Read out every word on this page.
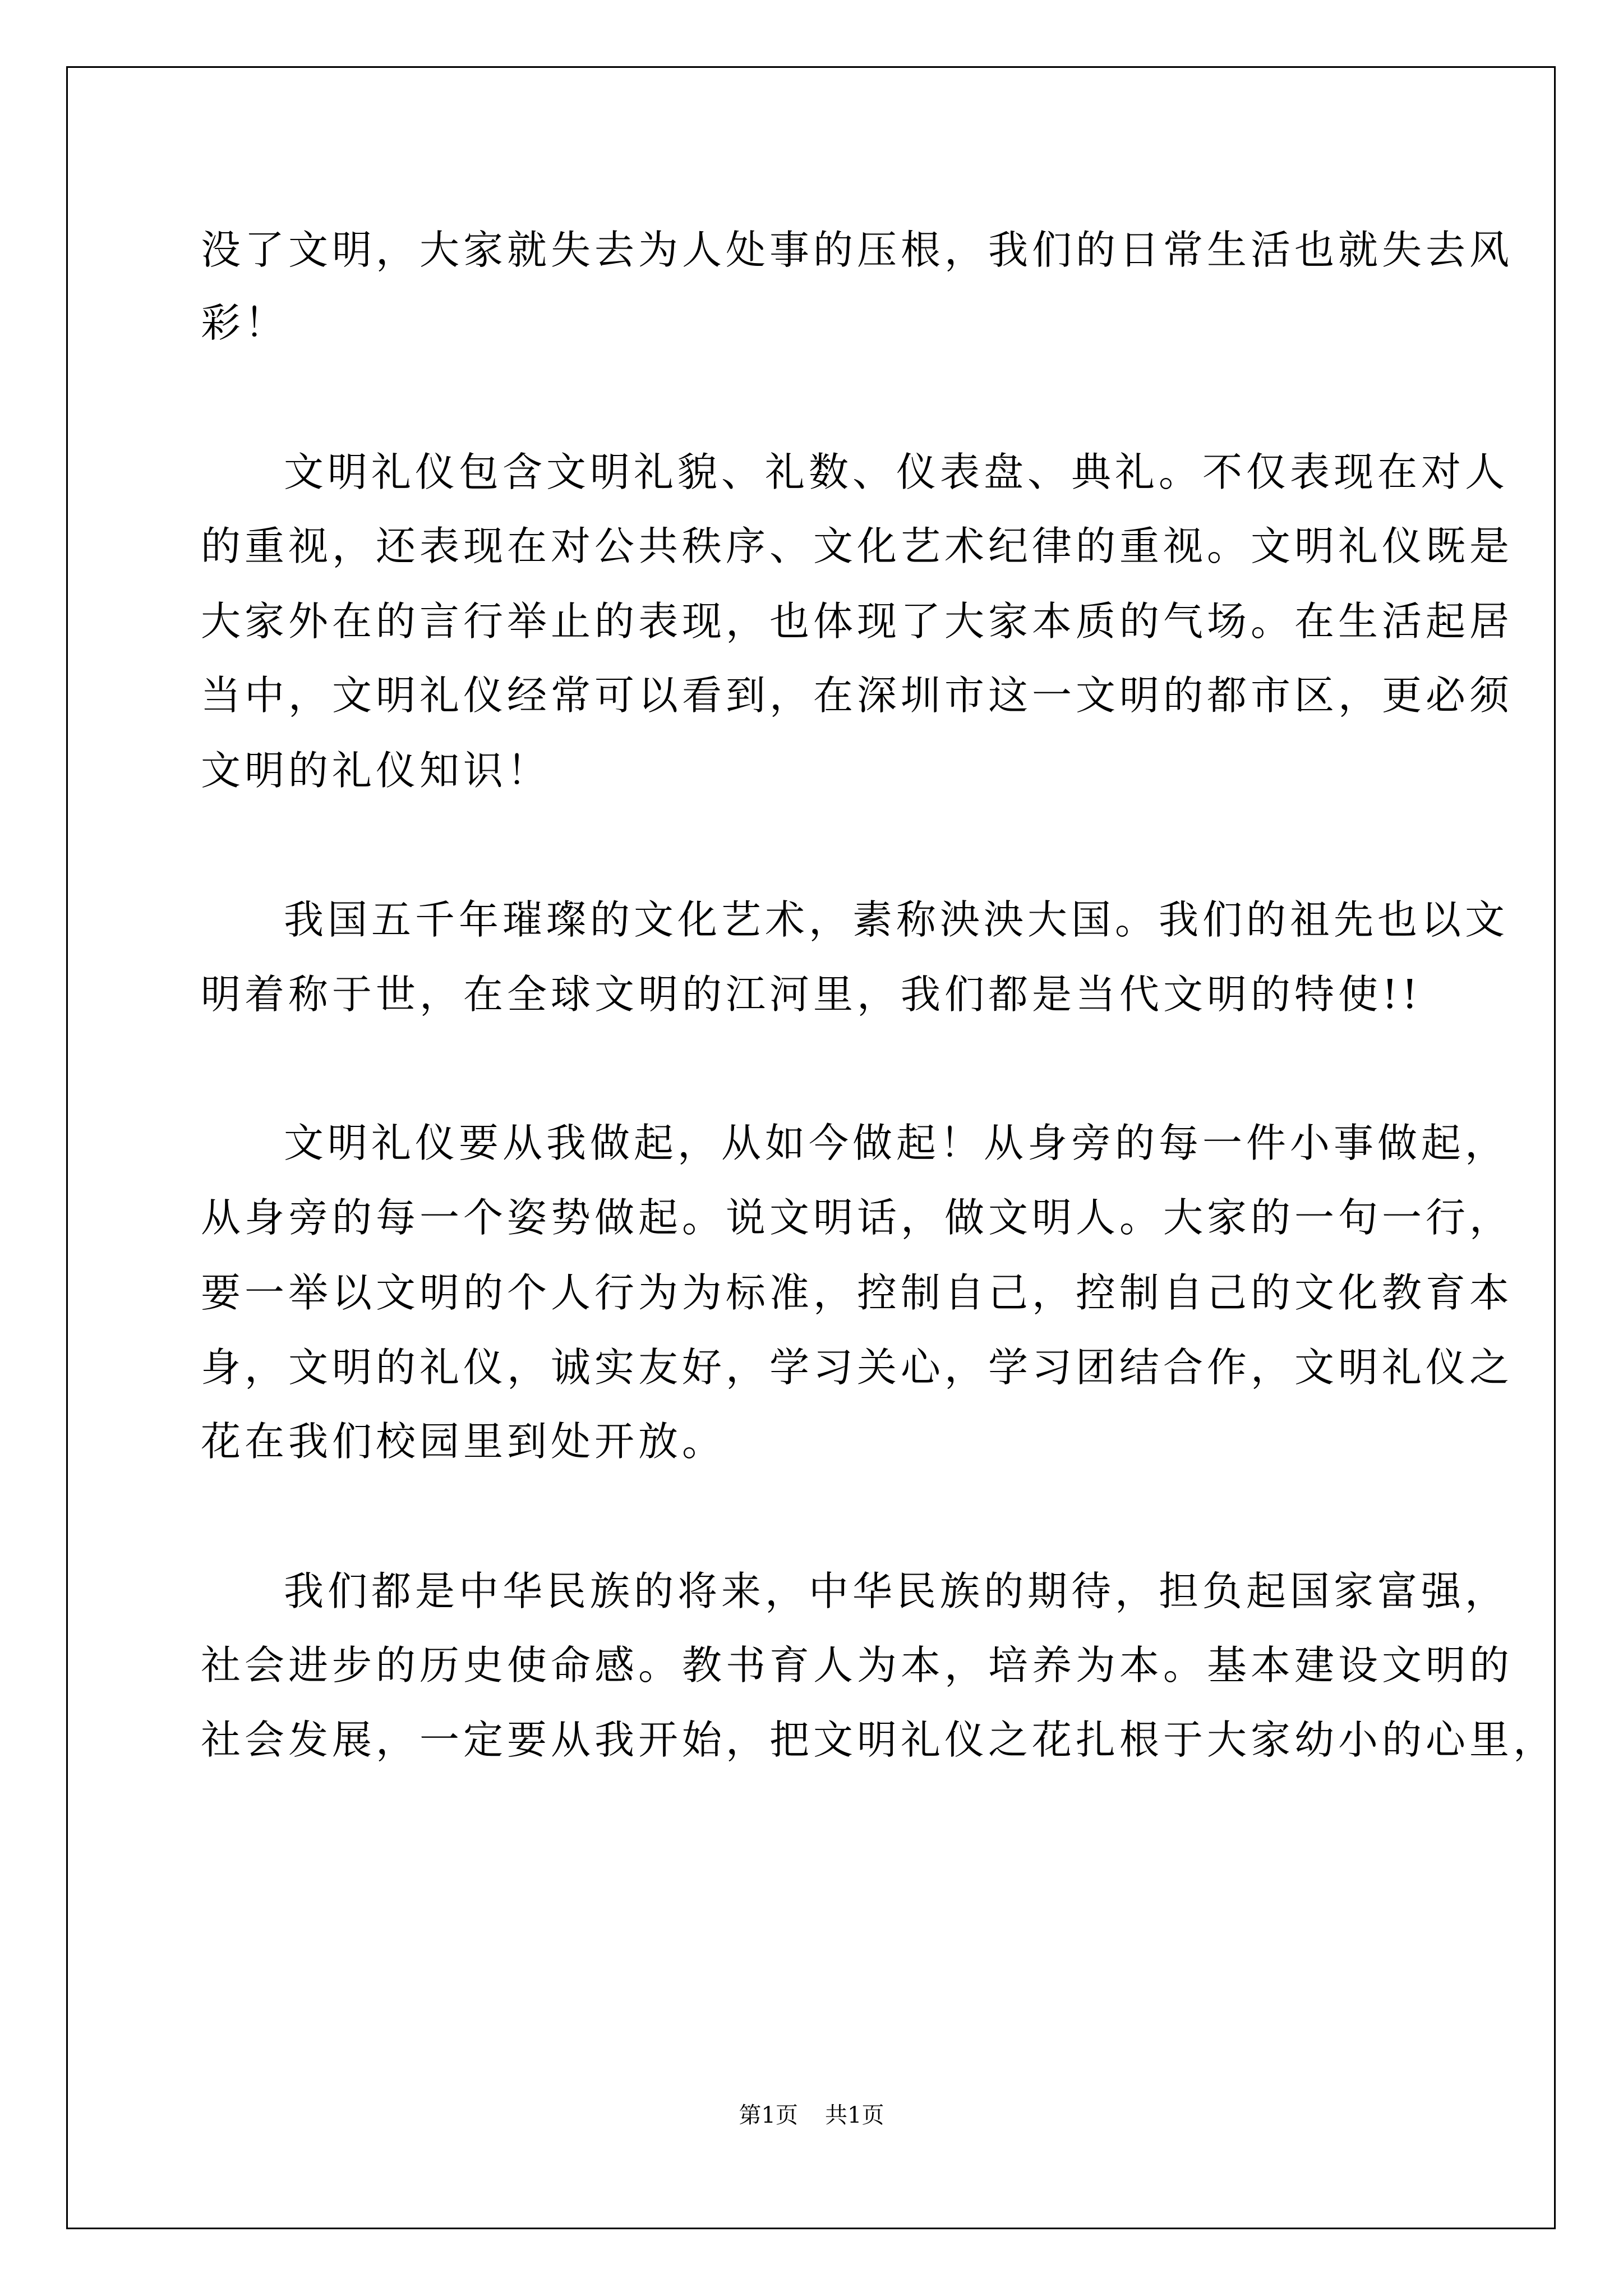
没了文明，大家就失去为人处事的压根，我们的日常生活也就失去风

彩！

文明礼仪包含文明礼貌、礼数、仪表盘、典礼。不仅表现在对人

的重视，还表现在对公共秩序、文化艺术纪律的重视。文明礼仪既是

大家外在的言行举止的表现，也体现了大家本质的气场。在生活起居

当中，文明礼仪经常可以看到，在深圳市这一文明的都市区，更必须

文明的礼仪知识！

我国五千年璀璨的文化艺术，素称泱泱大国。我们的祖先也以文

明着称于世，在全球文明的江河里，我们都是当代文明的特使!!

文明礼仪要从我做起，从如今做起！从身旁的每一件小事做起，

从身旁的每一个姿势做起。说文明话，做文明人。大家的一句一行，

要一举以文明的个人行为为标准，控制自己，控制自己的文化教育本

身，文明的礼仪，诚实友好，学习关心，学习团结合作，文明礼仪之

花在我们校园里到处开放。

我们都是中华民族的将来，中华民族的期待，担负起国家富强，

社会进步的历史使命感。教书育人为本，培养为本。基本建设文明的

社会发展，一定要从我开始，把文明礼仪之花扎根于大家幼小的心里，

第1页 共1页
